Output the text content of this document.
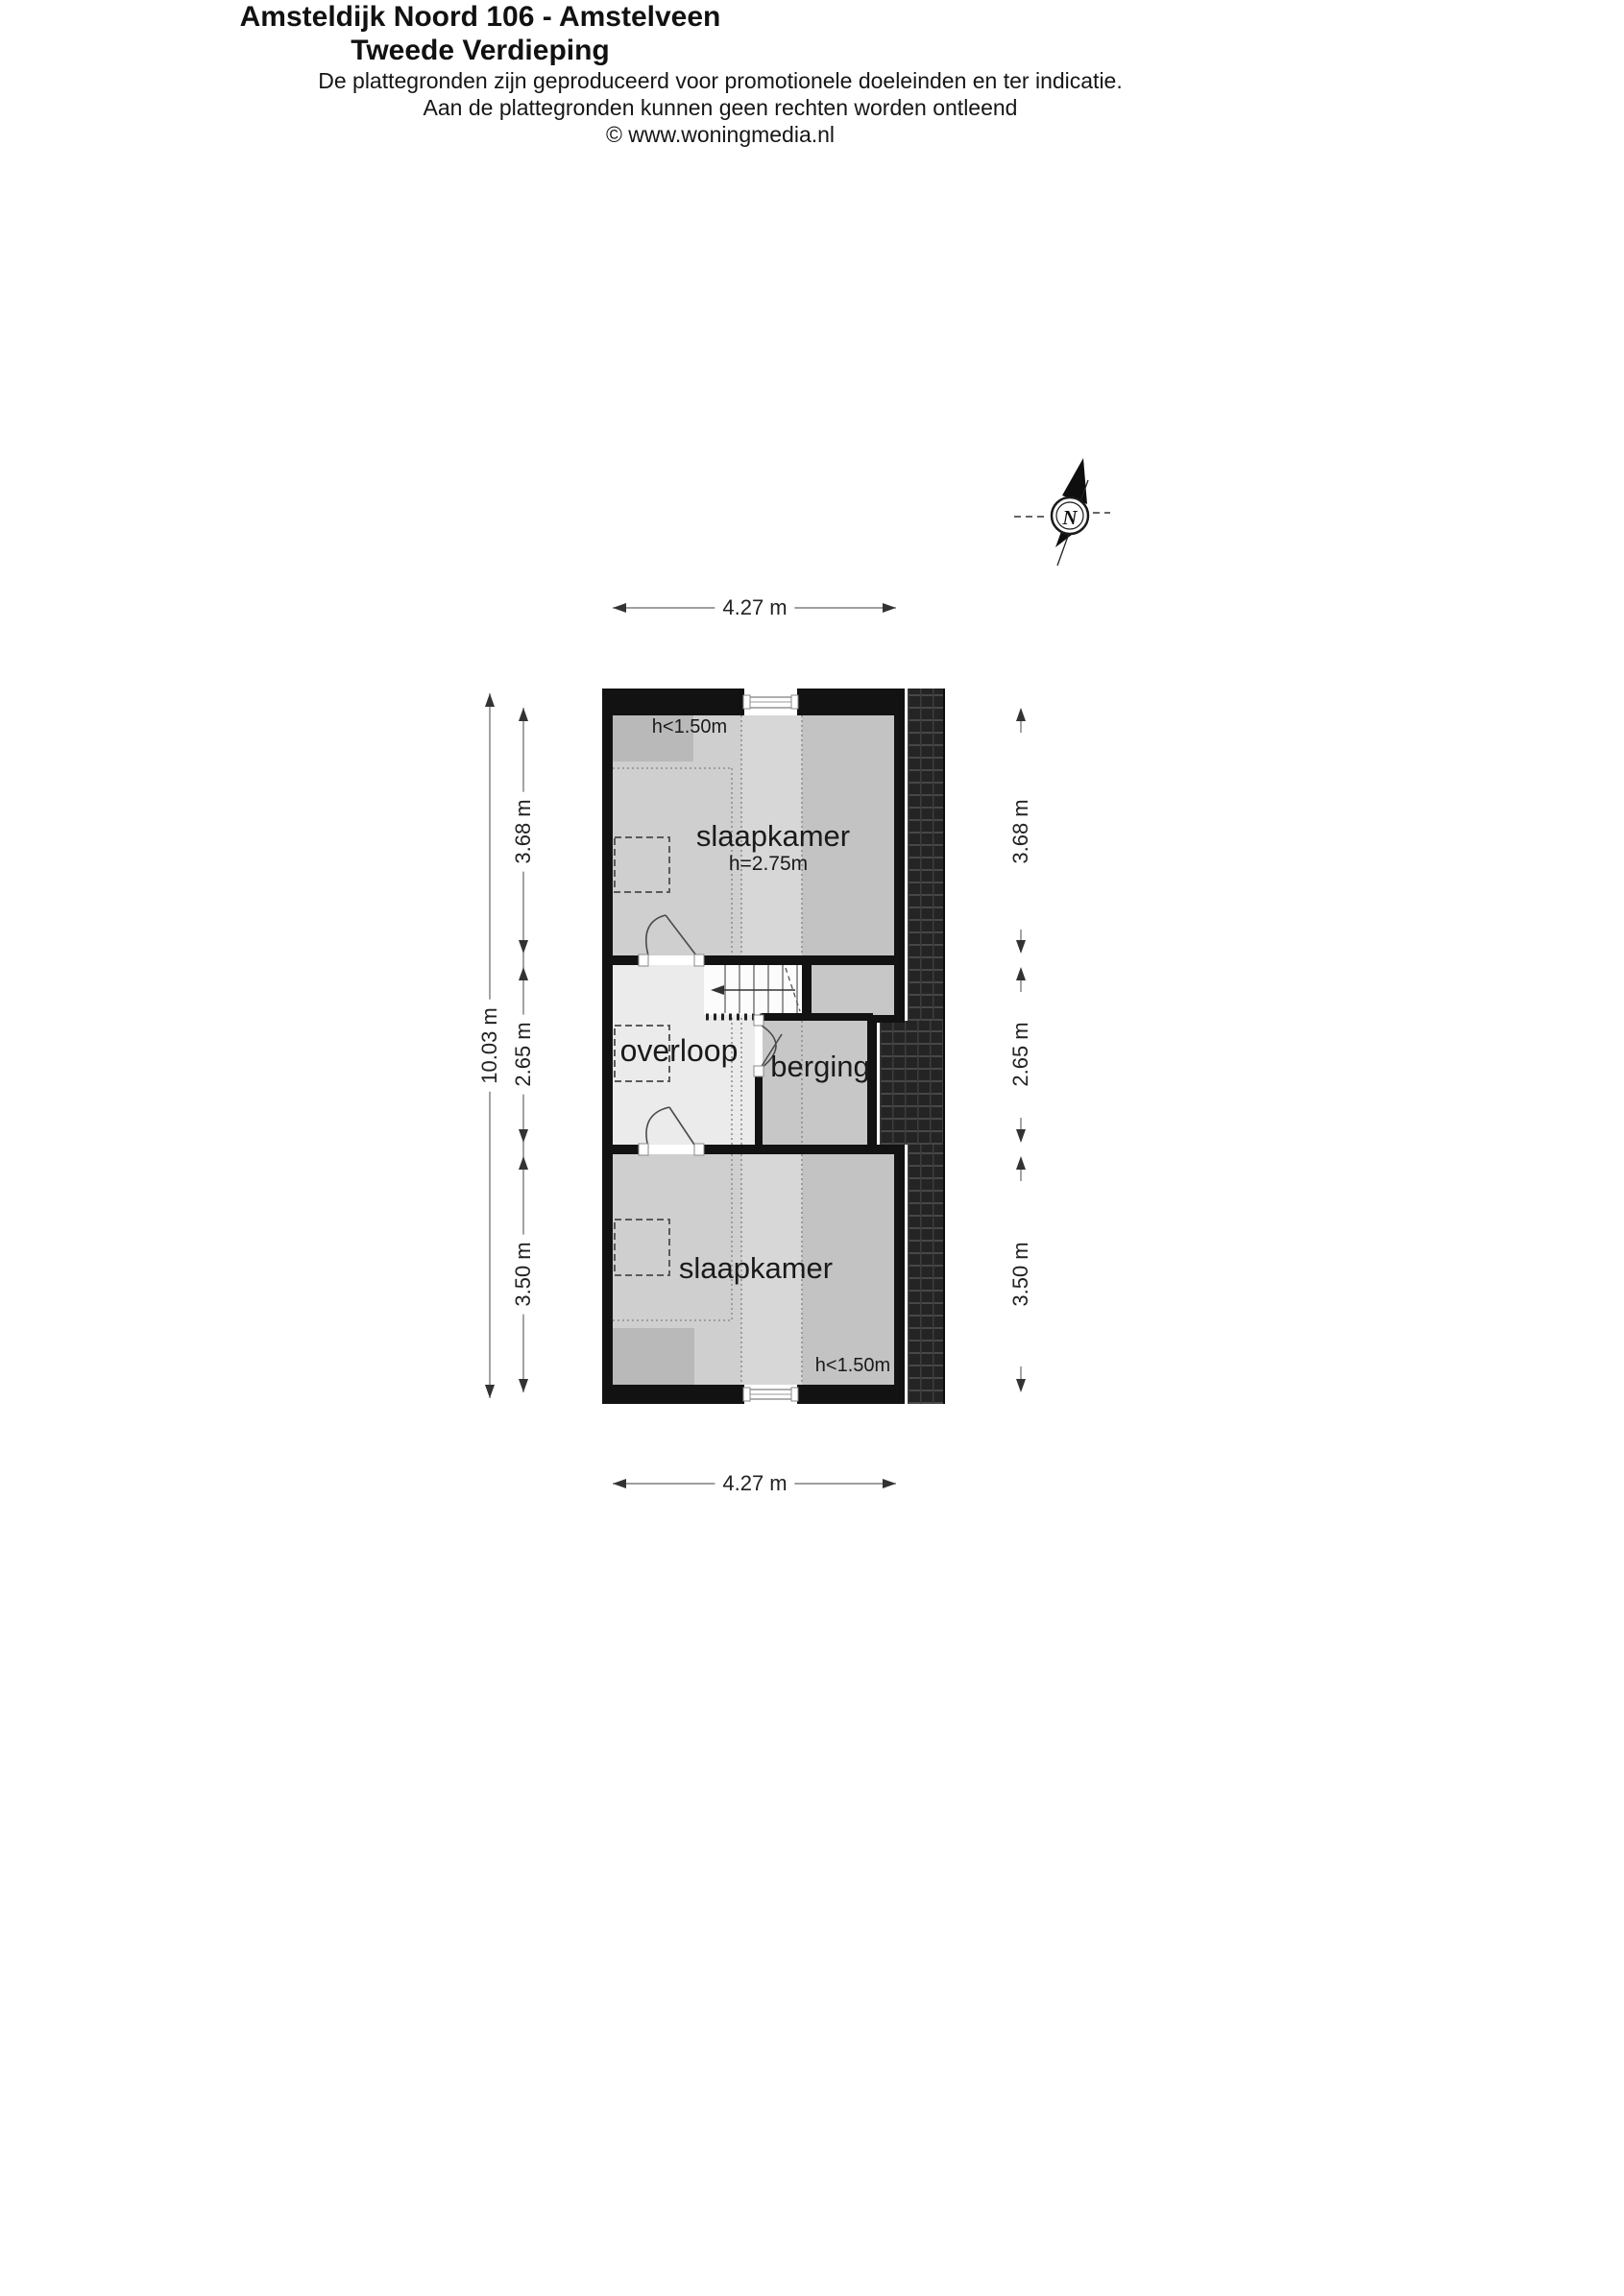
N
Amsteldijk Noord 106 - Amstelveen
Tweede Verdieping
slaapkamer
h=2.75m
h<1.50m
overloop	berging
slaapkamer
h<1.50m
4.27 m
4.27 m
10.03 m
3.68 m
2.65 m
3.50 m
3.68 m
2.65 m
3.50 m
De plattegronden zijn geproduceerd voor promotionele doeleinden en ter indicatie.
Aan de plattegronden kunnen geen rechten worden ontleend
© www.woningmedia.nl
